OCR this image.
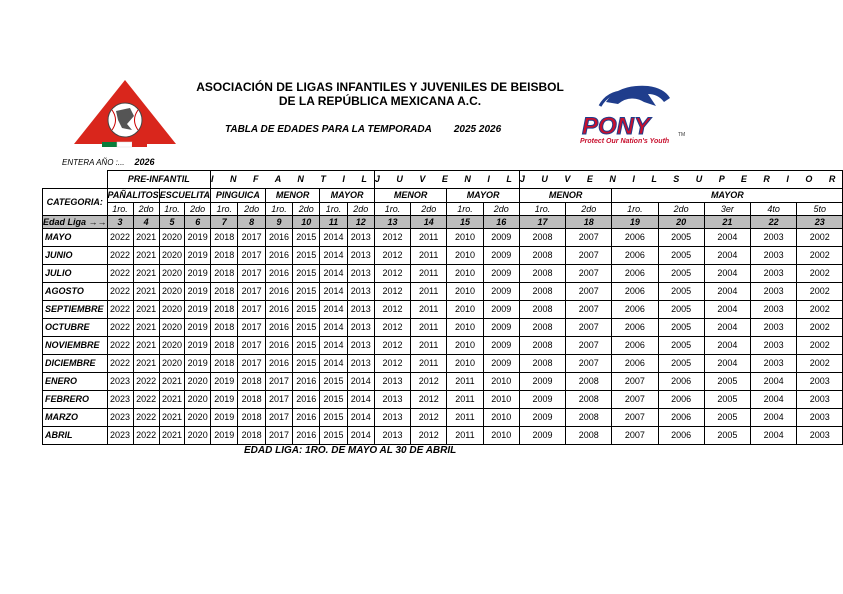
ASOCIACIÓN DE LIGAS INFANTILES Y JUVENILES DE BEISBOL
DE LA REPÚBLICA MEXICANA A.C.
TABLA DE EDADES PARA LA TEMPORADA 2025 2026	PONY	TM
Protect Our Nation's Youth
ENTERA AÑO :... 2026
	PRE-INFANTIL				I N F A N T I L						J U V E N I L				J U V E N I L S U P E R I O R						
CATEGORIA:	PAÑALITOS		ESCUELITA		PINGUICA		MENOR		MAYOR		MENOR		MAYOR		MENOR		MAYOR				
	1ro.	2do	1ro.	2do	1ro.	2do	1ro.	2do	1ro.	2do	1ro.	2do	1ro.	2do	1ro.	2do	1ro.	2do	3er	4to	5to
Edad Liga →→	3	4	5	6	7	8	9	10	11	12	13	14	15	16	17	18	19	20	21	22	23
MAYO	2022	2021	2020	2019	2018	2017	2016	2015	2014	2013	2012	2011	2010	2009	2008	2007	2006	2005	2004	2003	2002
JUNIO	2022	2021	2020	2019	2018	2017	2016	2015	2014	2013	2012	2011	2010	2009	2008	2007	2006	2005	2004	2003	2002
JULIO	2022	2021	2020	2019	2018	2017	2016	2015	2014	2013	2012	2011	2010	2009	2008	2007	2006	2005	2004	2003	2002
AGOSTO	2022	2021	2020	2019	2018	2017	2016	2015	2014	2013	2012	2011	2010	2009	2008	2007	2006	2005	2004	2003	2002
SEPTIEMBRE	2022	2021	2020	2019	2018	2017	2016	2015	2014	2013	2012	2011	2010	2009	2008	2007	2006	2005	2004	2003	2002
OCTUBRE	2022	2021	2020	2019	2018	2017	2016	2015	2014	2013	2012	2011	2010	2009	2008	2007	2006	2005	2004	2003	2002
NOVIEMBRE	2022	2021	2020	2019	2018	2017	2016	2015	2014	2013	2012	2011	2010	2009	2008	2007	2006	2005	2004	2003	2002
DICIEMBRE	2022	2021	2020	2019	2018	2017	2016	2015	2014	2013	2012	2011	2010	2009	2008	2007	2006	2005	2004	2003	2002
ENERO	2023	2022	2021	2020	2019	2018	2017	2016	2015	2014	2013	2012	2011	2010	2009	2008	2007	2006	2005	2004	2003
FEBRERO	2023	2022	2021	2020	2019	2018	2017	2016	2015	2014	2013	2012	2011	2010	2009	2008	2007	2006	2005	2004	2003
MARZO	2023	2022	2021	2020	2019	2018	2017	2016	2015	2014	2013	2012	2011	2010	2009	2008	2007	2006	2005	2004	2003
ABRIL	2023	2022	2021	2020	2019	2018	2017	2016	2015	2014	2013	2012	2011	2010	2009	2008	2007	2006	2005	2004	2003
EDAD LIGA: 1RO. DE MAYO AL 30 DE ABRIL
